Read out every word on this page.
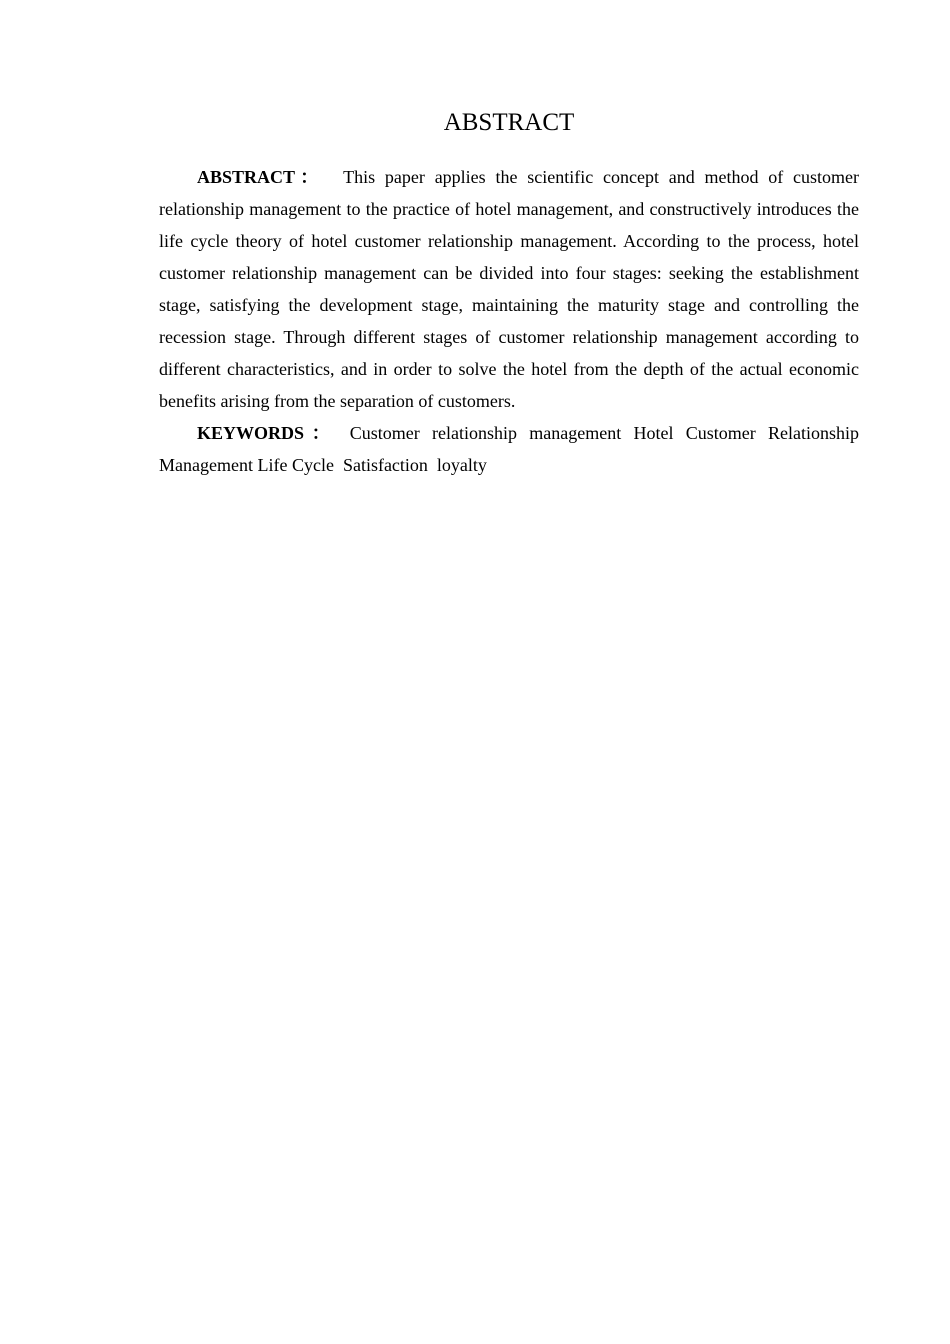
ABSTRACT

ABSTRACT： This paper applies the scientific concept and method of customer relationship management to the practice of hotel management, and constructively introduces the life cycle theory of hotel customer relationship management. According to the process, hotel customer relationship management can be divided into four stages: seeking the establishment stage, satisfying the development stage, maintaining the maturity stage and controlling the recession stage. Through different stages of customer relationship management according to different characteristics, and in order to solve the hotel from the depth of the actual economic benefits arising from the separation of customers.

KEYWORDS： Customer relationship management Hotel Customer Relationship Management Life Cycle Satisfaction loyalty
